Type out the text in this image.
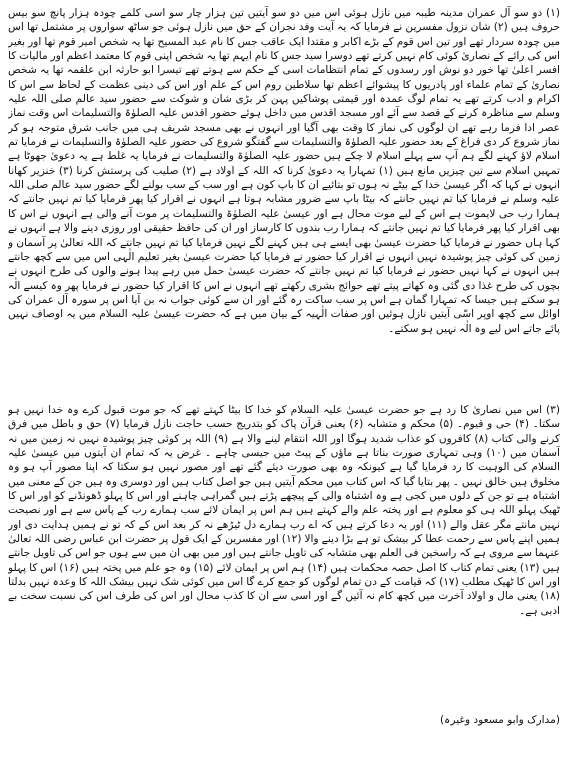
(۱) دو سو آل عمران مدینہ طیبہ میں نازل ہوئی اس میں دو سو آیتیں تین ہزار چار سو اسی کلمے چودہ ہزار پانچ سو بیس حروف ہیں (۲) شان نزول مفسرین نے فرمایا کہ یہ آیت وفد نجران کے حق میں نازل ہوئی جو ساٹھ سواروں پر مشتمل تھا اس میں چودہ سردار تھے اور تین اس قوم کے بڑے اکابر و مقتدا ایک عاقب جس کا نام عبد المسیح تھا یہ شخص امیر قوم تھا اور بغیر اس کی رائے کے نصاریٰ کوئی کام نہیں کرتے تھے دوسرا سید جس کا نام ایہم تھا یہ شخص اپنی قوم کا معتمد اعظم اور مالیات کا افسر اعلیٰ تھا خور دو نوش اور رسدوں کے تمام انتظامات اسی کے حکم سے ہوتے تھے تیسرا ابو حارثہ ابن علقمہ تھا یہ شخص نصاریٰ کے تمام علماء اور پادریوں کا پیشوائے اعظم تھا سلاطین روم اس کے علم اور اس کی دینی عظمت کے لحاظ سے اس کا اکرام و ادب کرتے تھے یہ تمام لوگ عمدہ اور قیمتی پوشاکیں پہن کر بڑی شان و شوکت سے حضور سید عالم صلی اللہ علیہ وسلم سے مناظرہ کرنے کے قصد سے آئے اور مسجد اقدس میں داخل ہوئے حضور اقدس علیہ الصلوٰۃ والتسلیمات اس وقت نماز عصر ادا فرما رہے تھے ان لوگوں کی نماز کا وقت بھی آگیا اور انہوں نے بھی مسجد شریف ہی میں جانب شرق متوجہ ہو کر نماز شروع کر دی فراغ کے بعد حضور علیہ الصلوٰۃ والتسلیمات سے گفتگو شروع کی حضور علیہ الصلوٰۃ والتسلیمات نے فرمایا تم اسلام لاؤ کہنے لگے ہم آپ سے پہلے اسلام لا چکے ہیں حضور علیہ الصلوٰۃ والتسلیمات نے فرمایا یہ غلط ہے یہ دعویٰ جھوٹا ہے تمہیں اسلام سے تین چیزیں مانع ہیں (۱) تمہارا یہ دعویٰ کرنا کہ اللہ کے اولاد ہے (۲) صلیب کی پرستش کرنا (۳) خنزیر کھانا انہوں نے کہا کہ اگر عیسیٰ خدا کے بیٹے نہ ہوں تو بتائیے ان کا باپ کون ہے اور سب کے سب بولنے لگے حضور سید عالم صلی اللہ علیہ وسلم نے فرمایا کیا تم نہیں جانتے کہ بیٹا باپ سے ضرور مشابہ ہوتا ہے انہوں نے اقرار کیا پھر فرمایا کیا تم نہیں جانتے کہ ہمارا رب حی لایموت ہے اس کے لیے موت محال ہے اور عیسیٰ علیہ الصلوٰۃ والتسلیمات پر موت آنے والی ہے انہوں نے اس کا بھی اقرار کیا پھر فرمایا کیا تم نہیں جانتے کہ ہمارا رب بندوں کا کارساز اور ان کی حافظ حقیقی اور روزی دینے والا ہے انہوں نے کہا ہاں حضور نے فرمایا کیا حضرت عیسیٰ بھی ایسے ہی ہیں کہنے لگے نہیں فرمایا کیا تم نہیں جانتے کہ اللہ تعالیٰ پر آسمان و زمین کی کوئی چیز پوشیدہ نہیں انہوں نے اقرار کیا حضور نے فرمایا کیا حضرت عیسیٰ بغیر تعلیم الٰہی اس میں سے کچھ جانتے ہیں انہوں نے کہا نہیں حضور نے فرمایا کیا تم نہیں جانتے کہ حضرت عیسیٰ حمل میں رہے پیدا ہونے والوں کی طرح انہوں نے بچوں کی طرح غذا دی گئی وہ کھاتے پیتے تھے حوائج بشری رکھتے تھے انہوں نے اس کا اقرار کیا حضور نے فرمایا پھر وہ کیسے الٰہ ہو سکتے ہیں جیسا کہ تمہارا گمان ہے اس پر سب ساکت رہ گئے اور ان سے کوئی جواب نہ بن آیا اس پر سورہ آل عمران کی اوائل سے کچھ اوپر اسّی آیتیں نازل ہوئیں اور صفات الٰہیہ کے بیان میں ہے کہ حضرت عیسیٰ علیہ السلام میں یہ اوصاف نہیں پائے جاتے اس لیے وہ الٰہ نہیں ہو سکتے۔

(۳) اس میں نصاریٰ کا رد ہے جو حضرت عیسیٰ علیہ السلام کو خدا کا بیٹا کہتے تھے کہ جو موت قبول کرے وہ خدا نہیں ہو سکتا۔ (۴) حی و قیوم۔ (۵) محکم و متشابہ (۶) یعنی قرآن پاک کو بتدریج حسب حاجت نازل فرمایا (۷) حق و باطل میں فرق کرنے والی کتاب (۸) کافروں کو عذاب شدید ہوگا اور اللہ انتقام لینے والا ہے (۹) اللہ پر کوئی چیز پوشیدہ نہیں نہ زمین میں نہ آسمان میں (۱۰) وہی تمہاری صورت بناتا ہے ماؤں کے پیٹ میں جیسی چاہے ۔ غرض یہ کہ تمام ان آیتوں میں عیسیٰ علیہ السلام کی الوہیت کا رد فرمایا گیا ہے کیونکہ وہ بھی صورت دیئے گئے تھے اور مصور نہیں ہو سکتا کہ اپنا مصور آپ ہو وہ مخلوق ہیں خالق نہیں ۔ پھر بتایا گیا کہ اس کتاب میں محکم آیتیں ہیں جو اصل کتاب ہیں اور دوسری وہ ہیں جن کے معنی میں اشتباہ ہے تو جن کے دلوں میں کجی ہے وہ اشتباہ والی کے پیچھے پڑتے ہیں گمراہی چاہنے اور اس کا پہلو ڈھونڈنے کو اور اس کا ٹھیک پہلو اللہ ہی کو معلوم ہے اور پختہ علم والے کہتے ہیں ہم اس پر ایمان لائے سب ہمارے رب کے پاس سے ہے اور نصیحت نہیں مانتے مگر عقل والے (۱۱) اور یہ دعا کرتے ہیں کہ اے رب ہمارے دل ٹیڑھے نہ کر بعد اس کے کہ تو نے ہمیں ہدایت دی اور ہمیں اپنے پاس سے رحمت عطا کر بیشک تو ہے بڑا دینے والا (۱۲) اور مفسرین کے ایک قول پر حضرت ابن عباس رضی اللہ تعالیٰ عنہما سے مروی ہے کہ راسخین فی العلم بھی متشابہ کی تاویل جانتے ہیں اور میں بھی ان میں سے ہوں جو اس کی تاویل جانتے ہیں (۱۳) یعنی تمام کتاب کا اصل حصہ محکمات ہیں (۱۴) ہم اس پر ایمان لائے (۱۵) وہ جو علم میں پختہ ہیں (۱۶) اس کا پہلو اور اس کا ٹھیک مطلب (۱۷) کہ قیامت کے دن تمام لوگوں کو جمع کرے گا اس میں کوئی شک نہیں بیشک اللہ کا وعدہ نہیں بدلتا (۱۸) یعنی مال و اولاد آخرت میں کچھ کام نہ آئیں گے اور اسی سے ان کا کذب محال اور اس کی طرف اس کی نسبت سخت بے ادبی ہے۔

( مدارک وابو مسعود وغیرہ )
